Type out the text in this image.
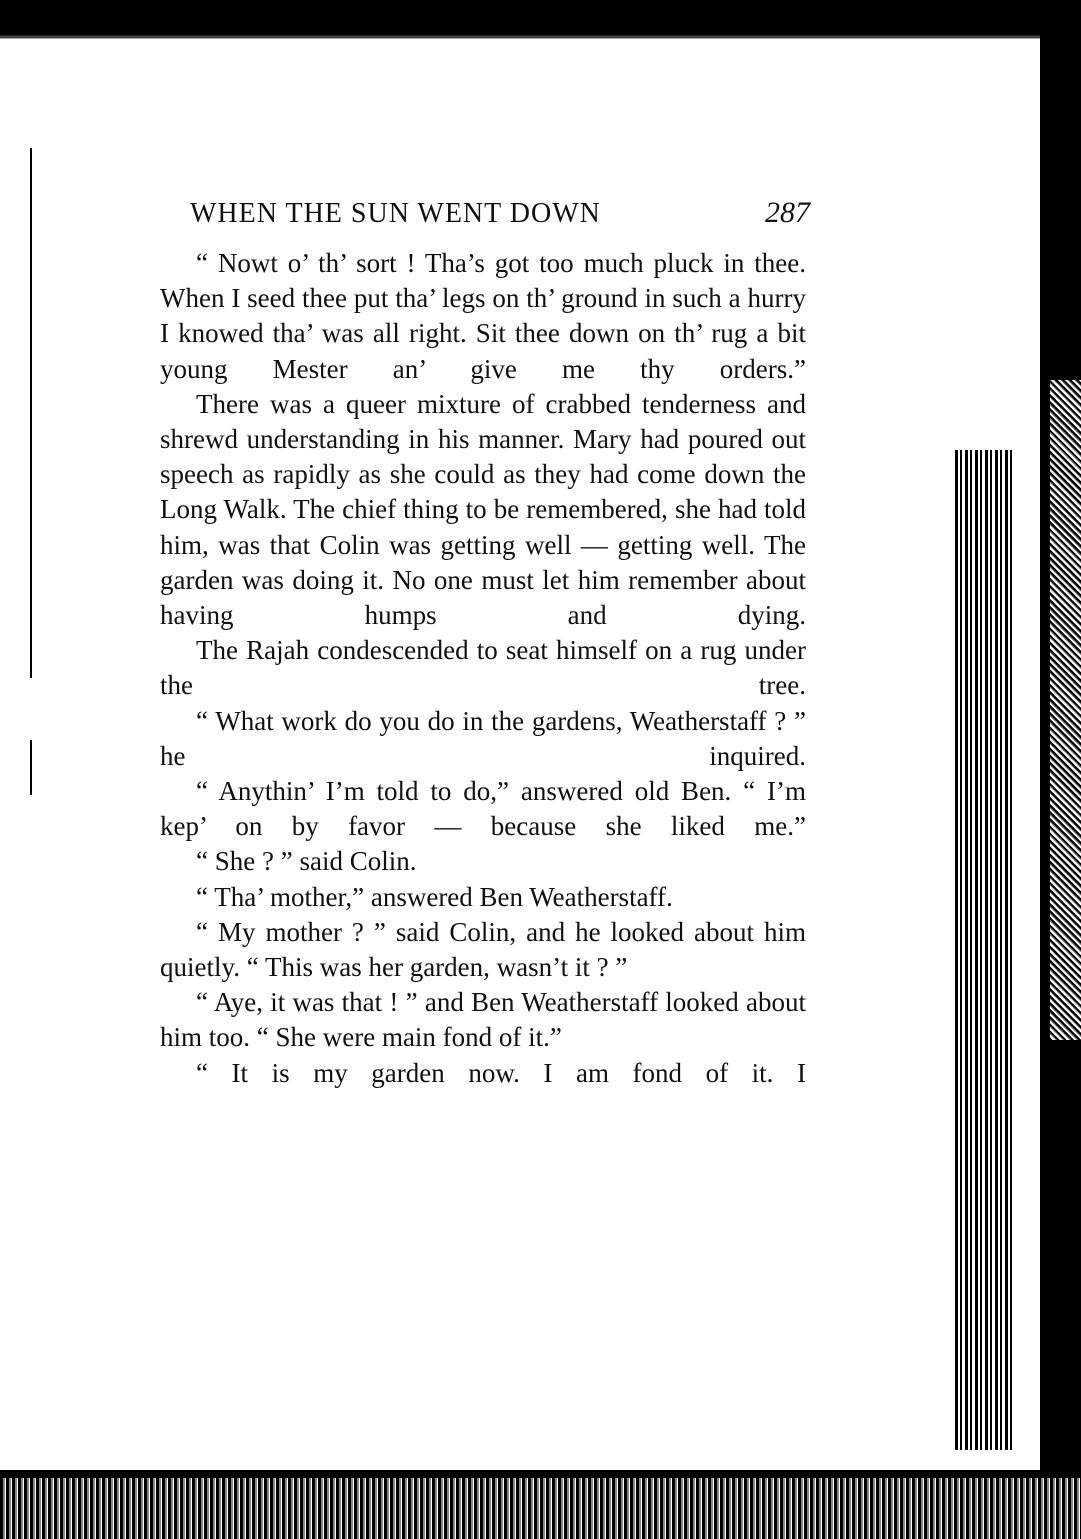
WHEN THE SUN WENT DOWN	287

“ Nowt o’ th’ sort ! Tha’s got too much pluck in thee. When I seed thee put tha’ legs on th’ ground in such a hurry I knowed tha’ was all right. Sit thee down on th’ rug a bit young Mester an’ give me thy orders.”

There was a queer mixture of crabbed tenderness and shrewd understanding in his manner. Mary had poured out speech as rapidly as she could as they had come down the Long Walk. The chief thing to be remembered, she had told him, was that Colin was getting well — getting well. The garden was doing it. No one must let him remember about having humps and dying.

The Rajah condescended to seat himself on a rug under the tree.

“ What work do you do in the gardens, Weatherstaff ? ” he inquired.

“ Anythin’ I’m told to do,” answered old Ben. “ I’m kep’ on by favor — because she liked me.”

“ She ? ” said Colin.

“ Tha’ mother,” answered Ben Weatherstaff.

“ My mother ? ” said Colin, and he looked about him quietly. “ This was her garden, wasn’t it ? ”

“ Aye, it was that ! ” and Ben Weatherstaff looked about him too. “ She were main fond of it.”

“ It is my garden now. I am fond of it. I
